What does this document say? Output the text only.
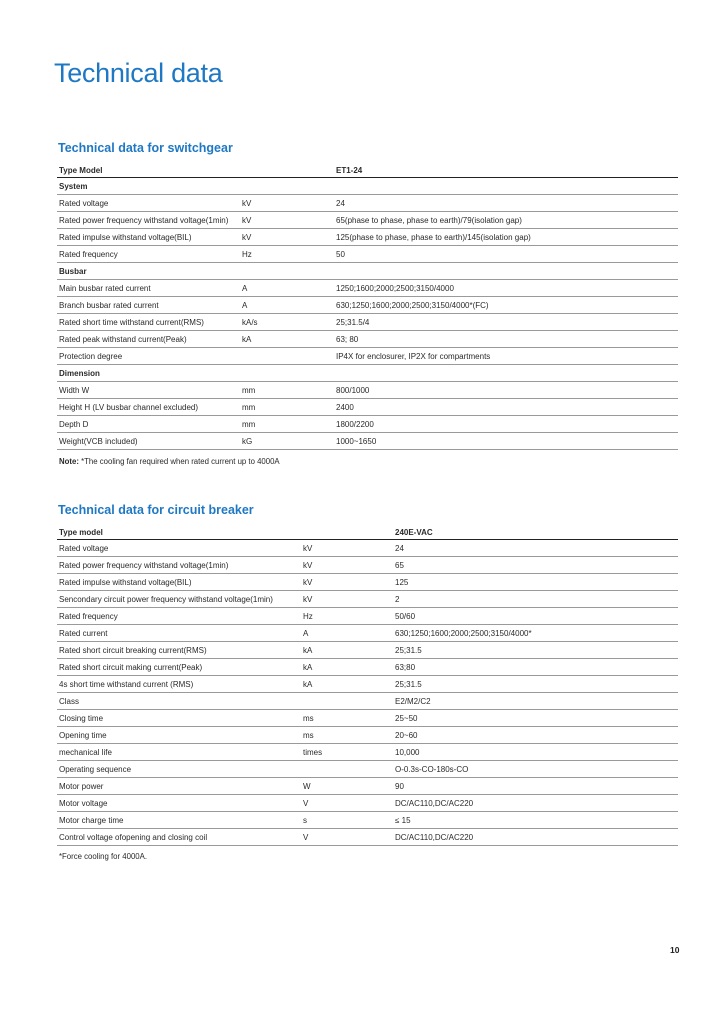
Technical data
Technical data for switchgear
Type Model		ET1-24
System		
Rated voltage	kV	24
Rated power frequency withstand voltage(1min)	kV	65(phase to phase, phase to earth)/79(isolation gap)
Rated impulse withstand voltage(BIL)	kV	125(phase to phase, phase to earth)/145(isolation gap)
Rated frequency	Hz	50
Busbar		
Main busbar rated current	A	1250;1600;2000;2500;3150/4000
Branch busbar rated current	A	630;1250;1600;2000;2500;3150/4000*(FC)
Rated short time withstand current(RMS)	kA/s	25;31.5/4
Rated peak withstand current(Peak)	kA	63; 80
Protection degree		IP4X for enclosurer, IP2X for compartments
Dimension		
Width W	mm	800/1000
Height H (LV busbar channel excluded)	mm	2400
Depth D	mm	1800/2200
Weight(VCB included)	kG	1000~1650
Note: *The cooling fan required when rated current up to 4000A
Technical data for circuit breaker
Type model		240E-VAC
Rated voltage	kV	24
Rated power frequency withstand voltage(1min)	kV	65
Rated impulse withstand voltage(BIL)	kV	125
Sencondary circuit power frequency withstand voltage(1min)	kV	2
Rated frequency	Hz	50/60
Rated current	A	630;1250;1600;2000;2500;3150/4000*
Rated short circuit breaking current(RMS)	kA	25;31.5
Rated short circuit making current(Peak)	kA	63;80
4s short time withstand current (RMS)	kA	25;31.5
Class		E2/M2/C2
Closing time	ms	25~50
Opening time	ms	20~60
mechanical life	times	10,000
Operating sequence		O-0.3s-CO-180s-CO
Motor power	W	90
Motor voltage	V	DC/AC110,DC/AC220
Motor charge time	s	≤ 15
Control voltage ofopening and closing coil	V	DC/AC110,DC/AC220
*Force cooling for 4000A.
10
